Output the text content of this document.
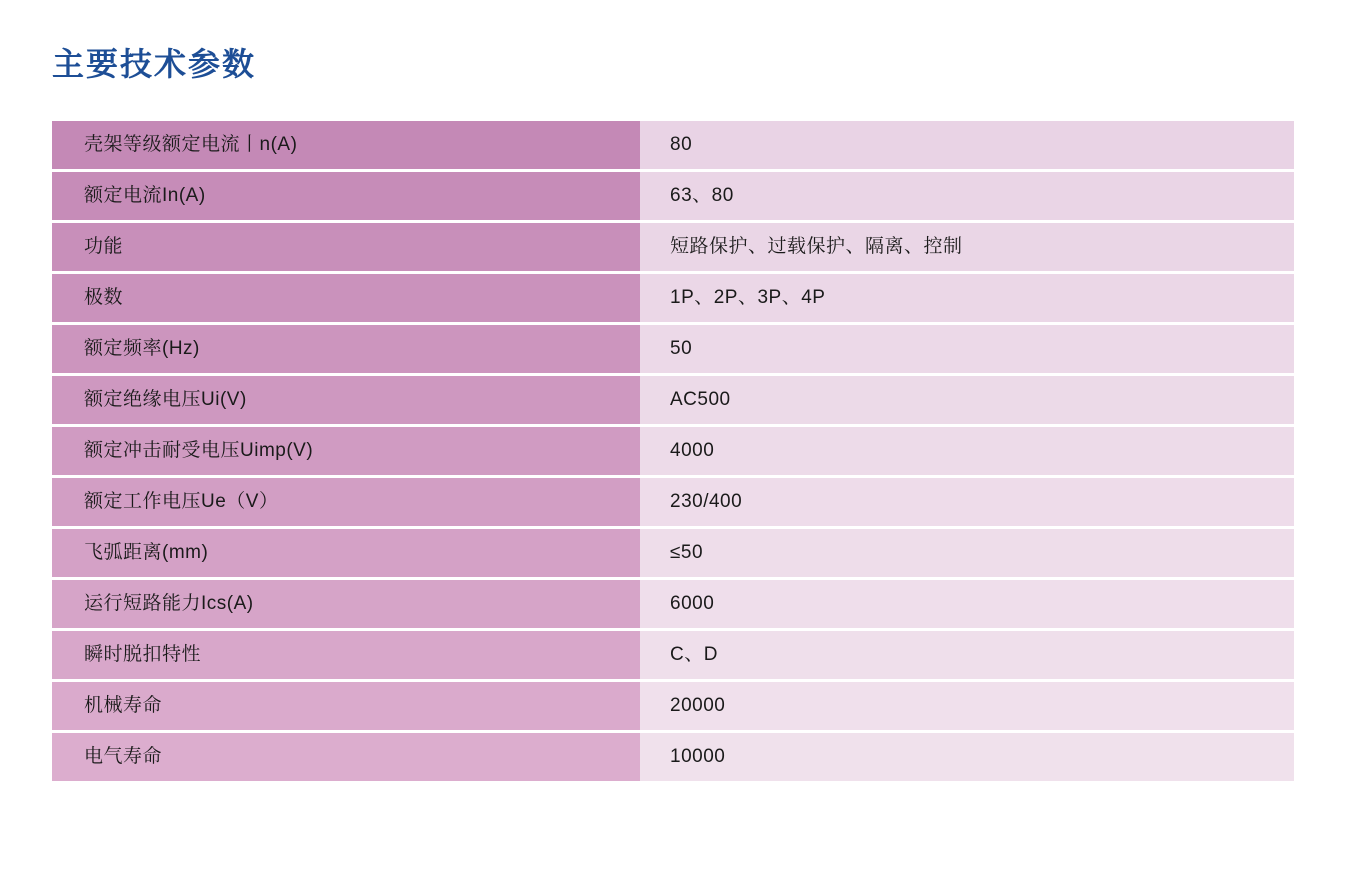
主要技术参数
壳架等级额定电流丨n(A)	80
额定电流In(A)	63、80
功能	短路保护、过载保护、隔离、控制
极数	1P、2P、3P、4P
额定频率(Hz)	50
额定绝缘电压Ui(V)	AC500
额定冲击耐受电压Uimp(V)	4000
额定工作电压Ue（V）	230/400
飞弧距离(mm)	≤50
运行短路能力Ics(A)	6000
瞬时脱扣特性	C、D
机械寿命	20000
电气寿命	10000
